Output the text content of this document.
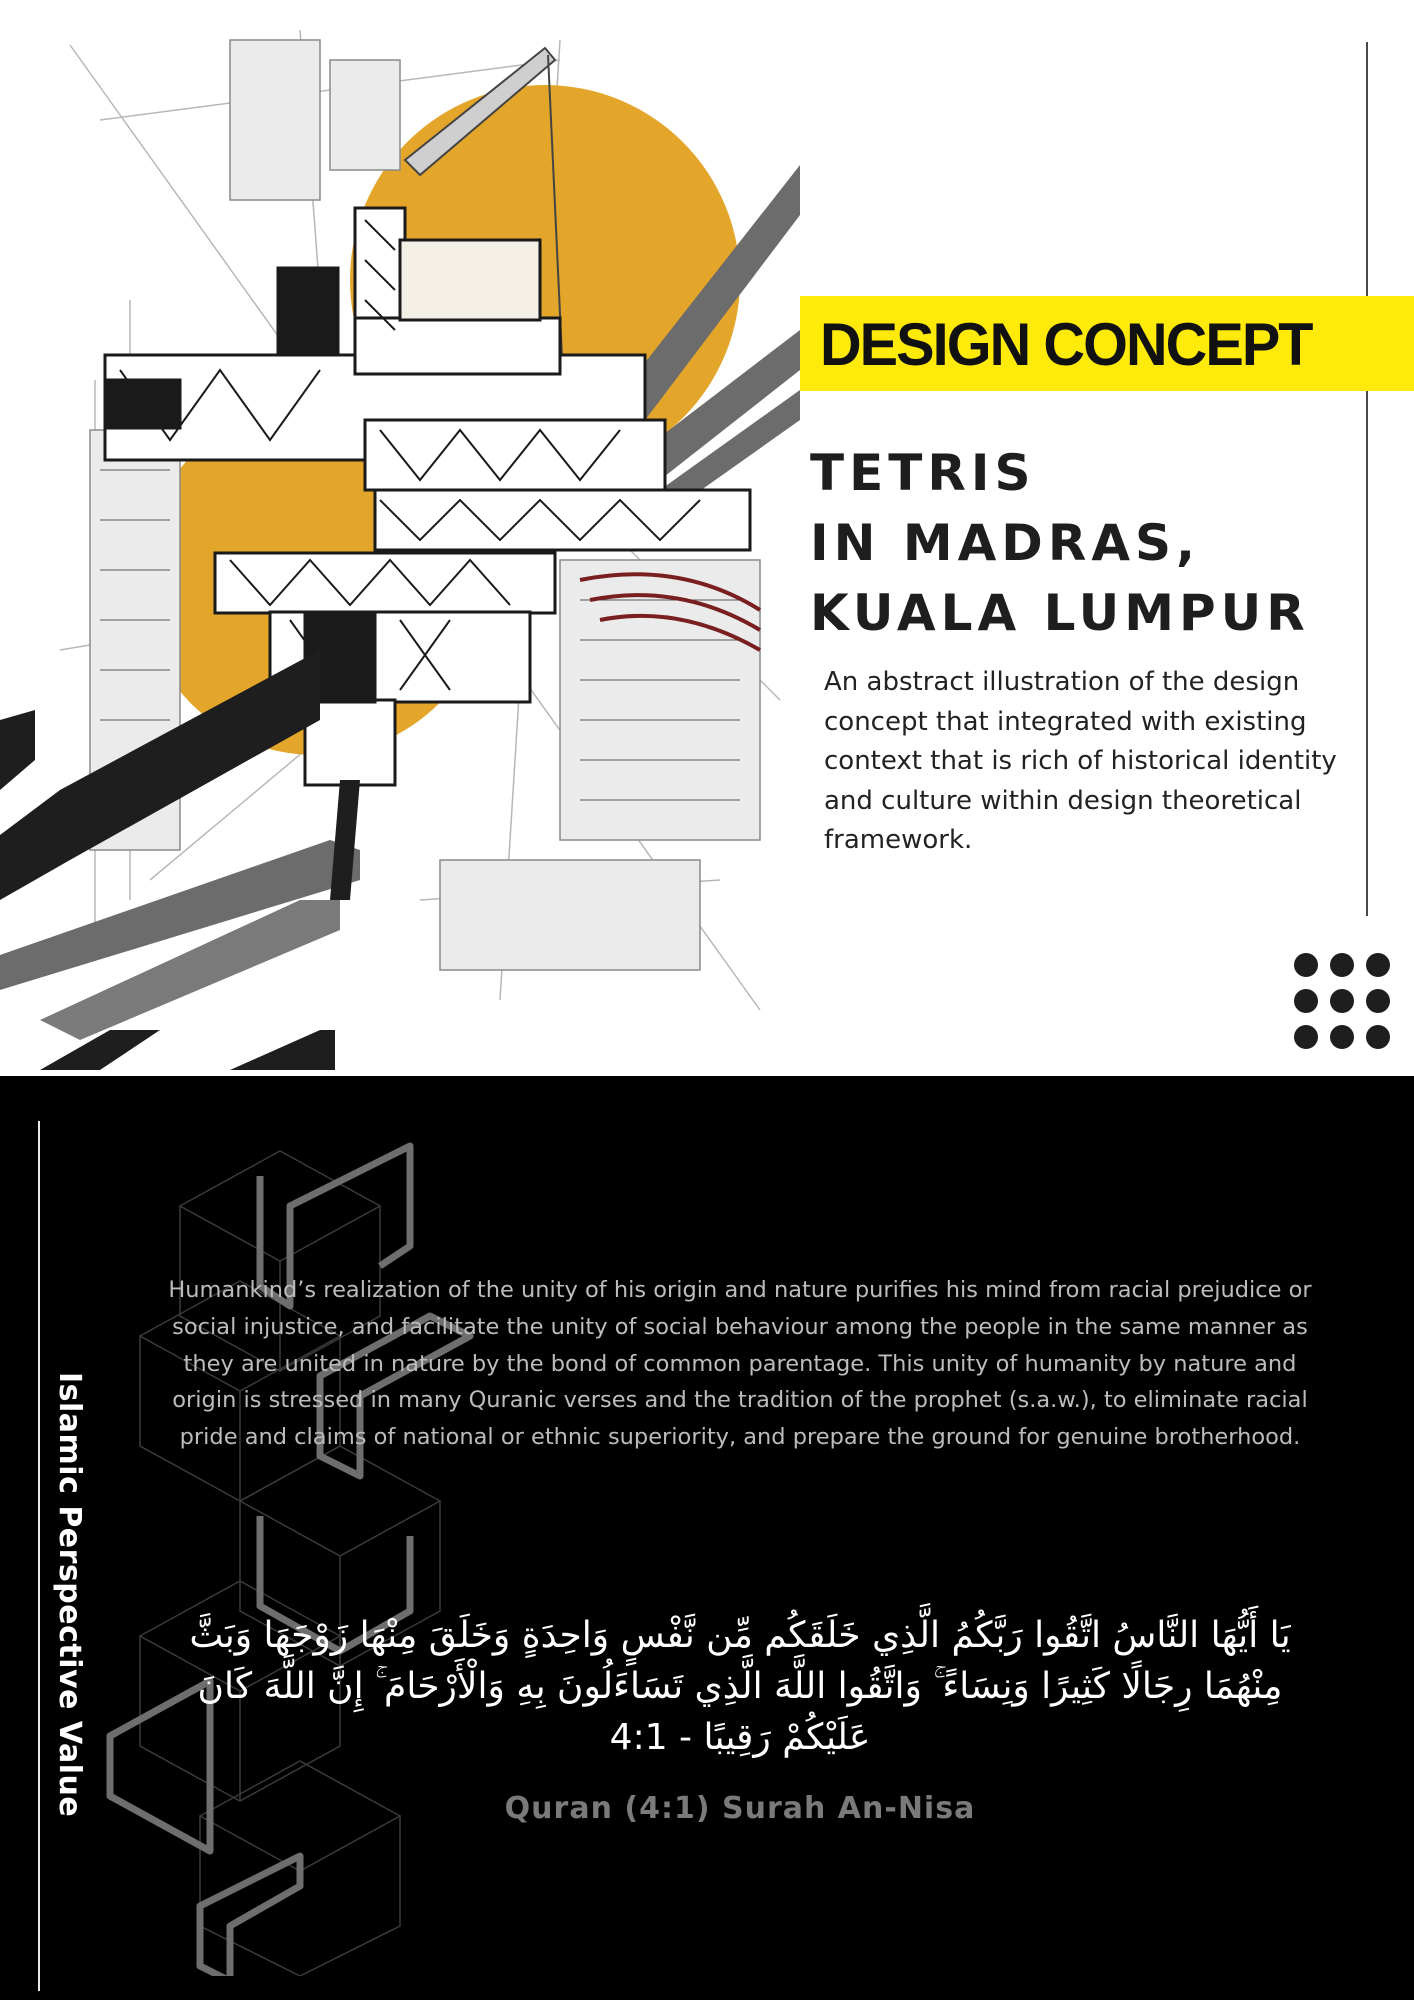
DESIGN CONCEPT
TETRIS
IN MADRAS,
KUALA LUMPUR
An abstract illustration of the design concept that integrated with existing context that is rich of historical identity and culture within design theoretical framework.
Islamic Perspective Value
Humankind’s realization of the unity of his origin and nature purifies his mind from racial prejudice or social injustice, and facilitate the unity of social behaviour among the people in the same manner as they are united in nature by the bond of common parentage. This unity of humanity by nature and origin is stressed in many Quranic verses and the tradition of the prophet (s.a.w.), to eliminate racial pride and claims of national or ethnic superiority, and prepare the ground for genuine brotherhood.
يَا أَيُّهَا النَّاسُ اتَّقُوا رَبَّكُمُ الَّذِي خَلَقَكُم مِّن نَّفْسٍ وَاحِدَةٍ وَخَلَقَ مِنْهَا زَوْجَهَا وَبَثَّ مِنْهُمَا رِجَالًا كَثِيرًا وَنِسَاءً ۚ وَاتَّقُوا اللَّهَ الَّذِي تَسَاءَلُونَ بِهِ وَالْأَرْحَامَ ۚ إِنَّ اللَّهَ كَانَ عَلَيْكُمْ رَقِيبًا - 4:1
Quran (4:1) Surah An-Nisa
